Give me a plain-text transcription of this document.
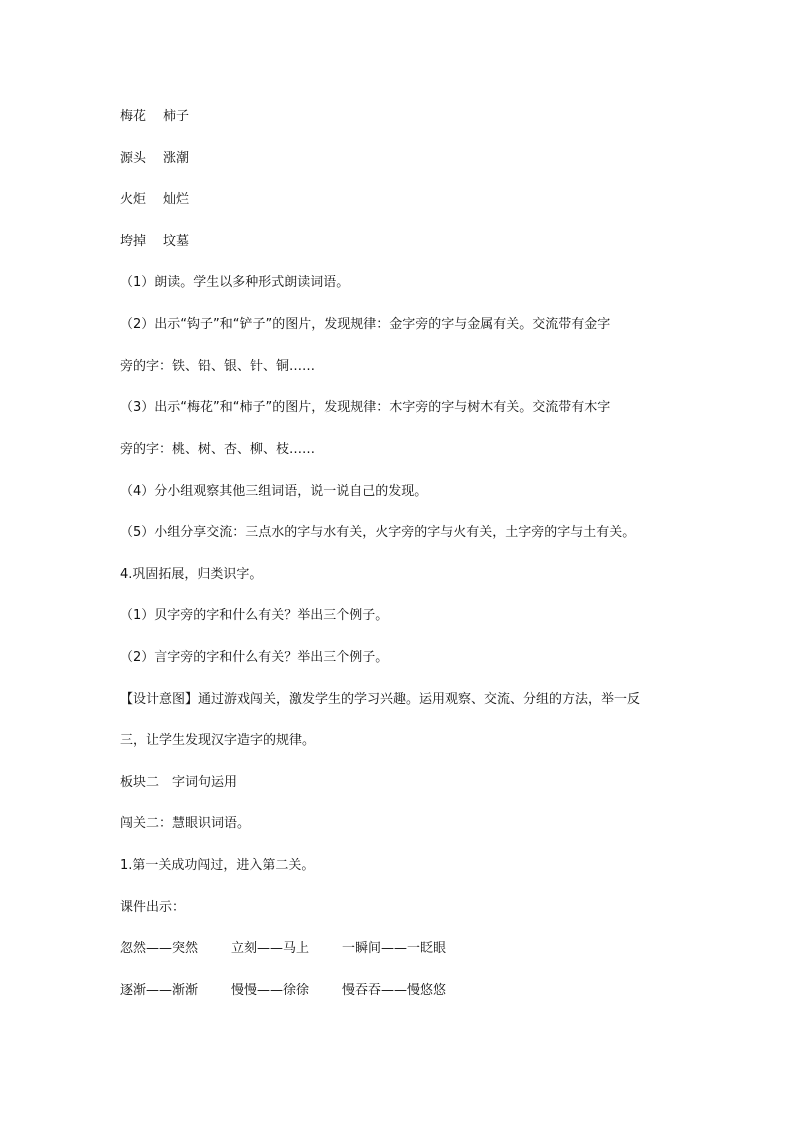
梅花 柿子
源头 涨潮
火炬 灿烂
垮掉 坟墓
（1）朗读。学生以多种形式朗读词语。
（2）出示“钩子”和“铲子”的图片，发现规律：金字旁的字与金属有关。交流带有金字
旁的字：铁、铅、银、针、铜……
（3）出示“梅花”和“柿子”的图片，发现规律：木字旁的字与树木有关。交流带有木字
旁的字：桃、树、杏、柳、枝……
（4）分小组观察其他三组词语，说一说自己的发现。
（5）小组分享交流：三点水的字与水有关，火字旁的字与火有关，土字旁的字与土有关。
4.巩固拓展，归类识字。
（1）贝字旁的字和什么有关？举出三个例子。
（2）言字旁的字和什么有关？举出三个例子。
【设计意图】通过游戏闯关，激发学生的学习兴趣。运用观察、交流、分组的方法，举一反
三，让学生发现汉字造字的规律。
板块二　字词句运用
闯关二：慧眼识词语。
1.第一关成功闯过，进入第二关。
课件出示：
忽然——突然	立刻——马上	一瞬间——一眨眼
逐渐——渐渐	慢慢——徐徐	慢吞吞——慢悠悠
